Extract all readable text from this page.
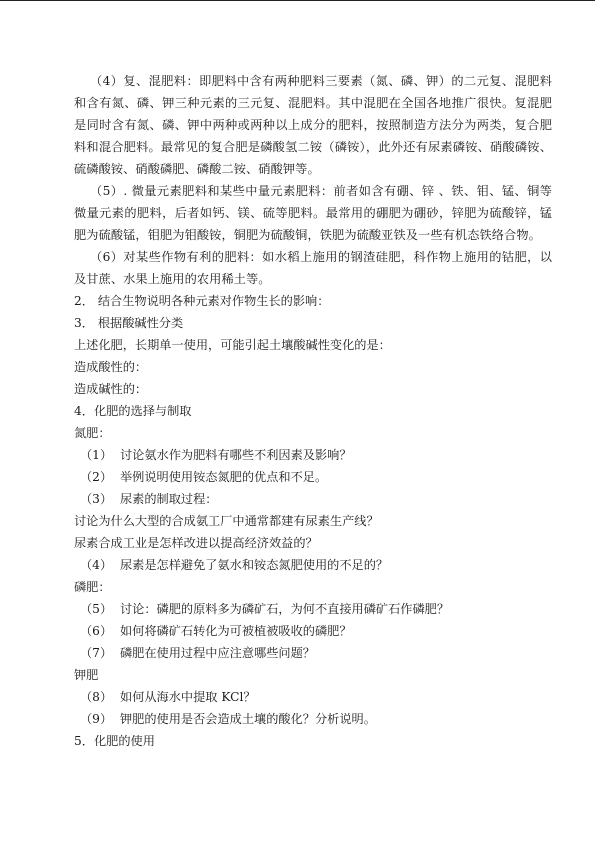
（4）复、混肥料：即肥料中含有两种肥料三要素（氮、磷、钾）的二元复、混肥料和含有氮、磷、钾三种元素的三元复、混肥料。其中混肥在全国各地推广很快。复混肥是同时含有氮、磷、钾中两种或两种以上成分的肥料，按照制造方法分为两类，复合肥料和混合肥料。最常见的复合肥是磷酸氢二铵（磷铵），此外还有尿素磷铵、硝酸磷铵、硫磷酸铵、硝酸磷肥、磷酸二铵、硝酸钾等。

（5）. 微量元素肥料和某些中量元素肥料：前者如含有硼、锌 、铁、钼、锰、铜等微量元素的肥料，后者如钙、镁、硫等肥料。最常用的硼肥为硼砂，锌肥为硫酸锌，锰肥为硫酸锰，钼肥为钼酸铵，铜肥为硫酸铜，铁肥为硫酸亚铁及一些有机态铁络合物。

（6）对某些作物有利的肥料：如水稻上施用的钢渣硅肥，科作物上施用的钴肥，以及甘蔗、水果上施用的农用稀土等。

2． 结合生物说明各种元素对作物生长的影响：

3． 根据酸碱性分类

上述化肥，长期单一使用，可能引起土壤酸碱性变化的是：

造成酸性的：

造成碱性的：

4．化肥的选择与制取

氮肥：

（1） 讨论氨水作为肥料有哪些不利因素及影响？
（2） 举例说明使用铵态氮肥的优点和不足。
（3） 尿素的制取过程：

讨论为什么大型的合成氨工厂中通常都建有尿素生产线？

尿素合成工业是怎样改进以提高经济效益的？

（4） 尿素是怎样避免了氨水和铵态氮肥使用的不足的？

磷肥：

（5） 讨论：磷肥的原料多为磷矿石，为何不直接用磷矿石作磷肥？
（6） 如何将磷矿石转化为可被植被吸收的磷肥？
（7） 磷肥在使用过程中应注意哪些问题？

钾肥

（8） 如何从海水中提取 KCl？
（9） 钾肥的使用是否会造成土壤的酸化？分析说明。

5．化肥的使用
